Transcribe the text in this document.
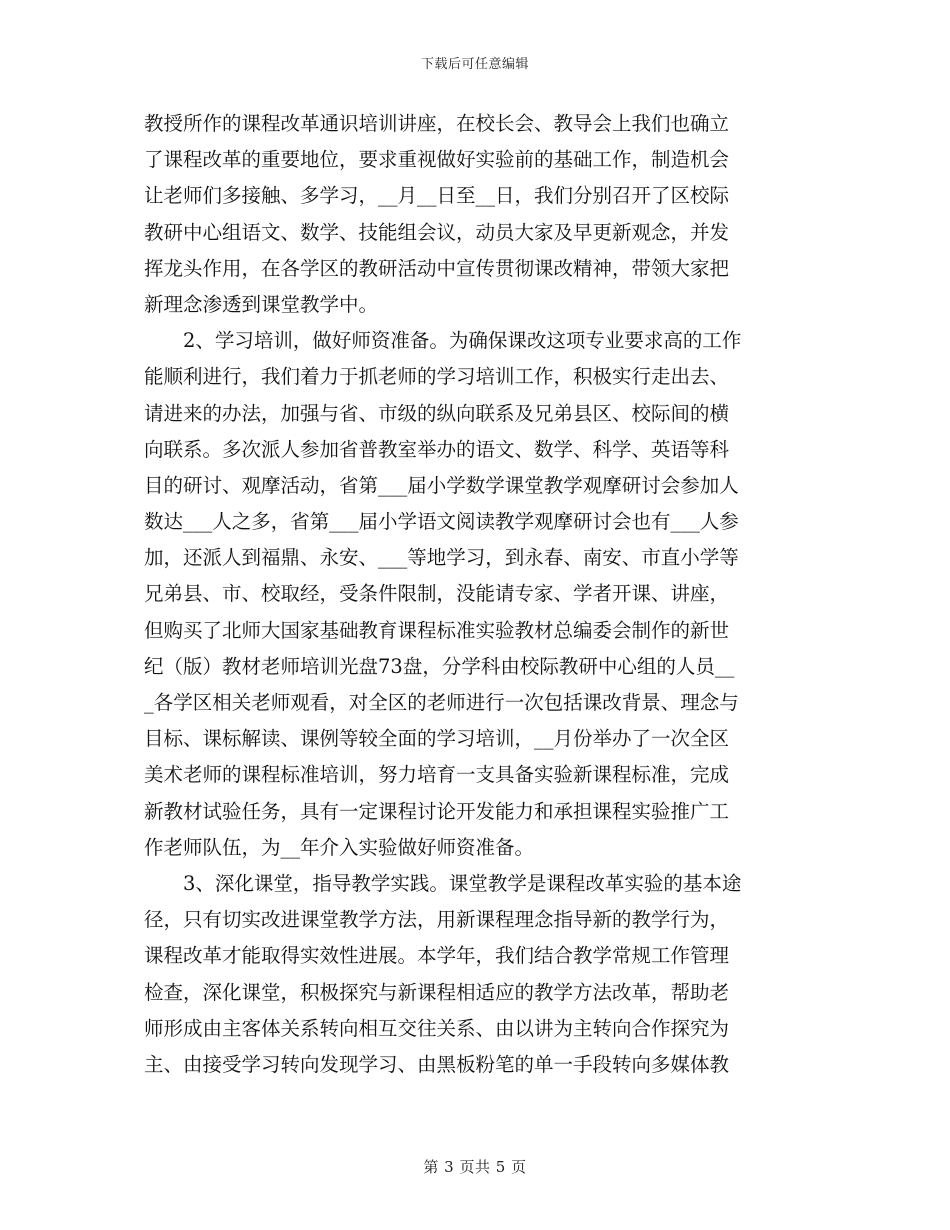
下载后可任意编辑
教授所作的课程改革通识培训讲座，在校长会、教导会上我们也确立
了课程改革的重要地位，要求重视做好实验前的基础工作，制造机会
让老师们多接触、多学习，__月__日至__日，我们分别召开了区校际
教研中心组语文、数学、技能组会议，动员大家及早更新观念，并发
挥龙头作用，在各学区的教研活动中宣传贯彻课改精神，带领大家把
新理念渗透到课堂教学中。
　　2、学习培训，做好师资准备。为确保课改这项专业要求高的工作
能顺利进行，我们着力于抓老师的学习培训工作，积极实行走出去、
请进来的办法，加强与省、市级的纵向联系及兄弟县区、校际间的横
向联系。多次派人参加省普教室举办的语文、数学、科学、英语等科
目的研讨、观摩活动，省第___届小学数学课堂教学观摩研讨会参加人
数达___人之多，省第___届小学语文阅读教学观摩研讨会也有___人参
加，还派人到福鼎、永安、___等地学习，到永春、南安、市直小学等
兄弟县、市、校取经，受条件限制，没能请专家、学者开课、讲座，
但购买了北师大国家基础教育课程标准实验教材总编委会制作的新世
纪（版）教材老师培训光盘73盘，分学科由校际教研中心组的人员__
_各学区相关老师观看，对全区的老师进行一次包括课改背景、理念与
目标、课标解读、课例等较全面的学习培训，__月份举办了一次全区
美术老师的课程标准培训，努力培育一支具备实验新课程标准，完成
新教材试验任务，具有一定课程讨论开发能力和承担课程实验推广工
作老师队伍，为__年介入实验做好师资准备。
　　3、深化课堂，指导教学实践。课堂教学是课程改革实验的基本途
径，只有切实改进课堂教学方法，用新课程理念指导新的教学行为，
课程改革才能取得实效性进展。本学年，我们结合教学常规工作管理
检查，深化课堂，积极探究与新课程相适应的教学方法改革，帮助老
师形成由主客体关系转向相互交往关系、由以讲为主转向合作探究为
主、由接受学习转向发现学习、由黑板粉笔的单一手段转向多媒体教
第 3 页共 5 页
